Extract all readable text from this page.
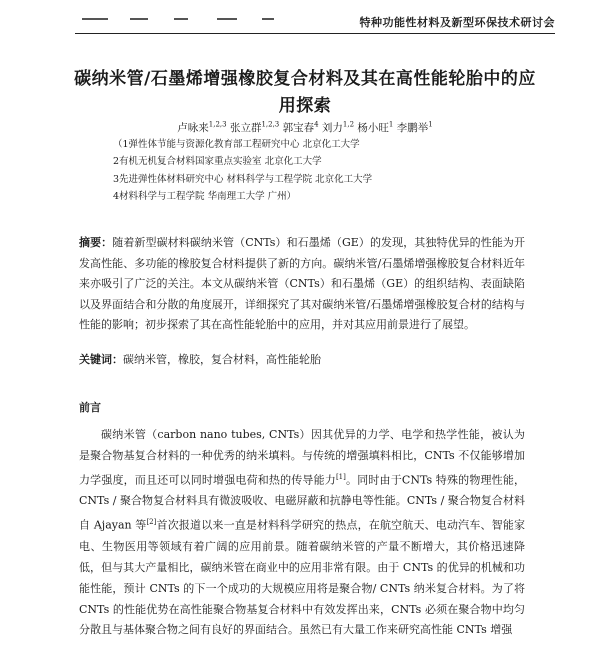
特种功能性材料及新型环保技术研讨会
碳纳米管/石墨烯增强橡胶复合材料及其在高性能轮胎中的应用探索
卢咏来$^{1,2,3}$ 张立群$^{1,2,3}$ 郭宝春$^4$ 刘力$^{1,2}$ 杨小旺$^1$ 李鹏举$^1$
（1弹性体节能与资源化教育部工程研究中心 北京化工大学
2有机无机复合材料国家重点实验室 北京化工大学
3先进弹性体材料研究中心 材料科学与工程学院 北京化工大学
4材料科学与工程学院 华南理工大学 广州）
摘要：随着新型碳材料碳纳米管（CNTs）和石墨烯（GE）的发现，其独特优异的性能为开发高性能、多功能的橡胶复合材料提供了新的方向。碳纳米管/石墨烯增强橡胶复合材料近年来亦吸引了广泛的关注。本文从碳纳米管（CNTs）和石墨烯（GE）的组织结构、表面缺陷以及界面结合和分散的角度展开，详细探究了其对碳纳米管/石墨烯增强橡胶复合材的结构与性能的影响；初步探索了其在高性能轮胎中的应用，并对其应用前景进行了展望。
关键词：碳纳米管，橡胶，复合材料，高性能轮胎
前言
碳纳米管（carbon nano tubes, CNTs）因其优异的力学、电学和热学性能，被认为是聚合物基复合材料的一种优秀的纳米填料。与传统的增强填料相比，CNTs 不仅能够增加力学强度，而且还可以同时增强电荷和热的传导能力[1]。同时由于CNTs 特殊的物理性能，CNTs / 聚合物复合材料具有微波吸收、电磁屏蔽和抗静电等性能。CNTs / 聚合物复合材料自 Ajayan 等[2]首次报道以来一直是材料科学研究的热点，在航空航天、电动汽车、智能家电、生物医用等领域有着广阔的应用前景。随着碳纳米管的产量不断增大，其价格迅速降低，但与其大产量相比，碳纳米管在商业中的应用非常有限。由于 CNTs 的优异的机械和功能性能，预计 CNTs 的下一个成功的大规模应用将是聚合物/ CNTs 纳米复合材料。为了将 CNTs 的性能优势在高性能聚合物基复合材料中有效发挥出来，CNTs 必须在聚合物中均匀分散且与基体聚合物之间有良好的界面结合。虽然已有大量工作来研究高性能 CNTs 增强
